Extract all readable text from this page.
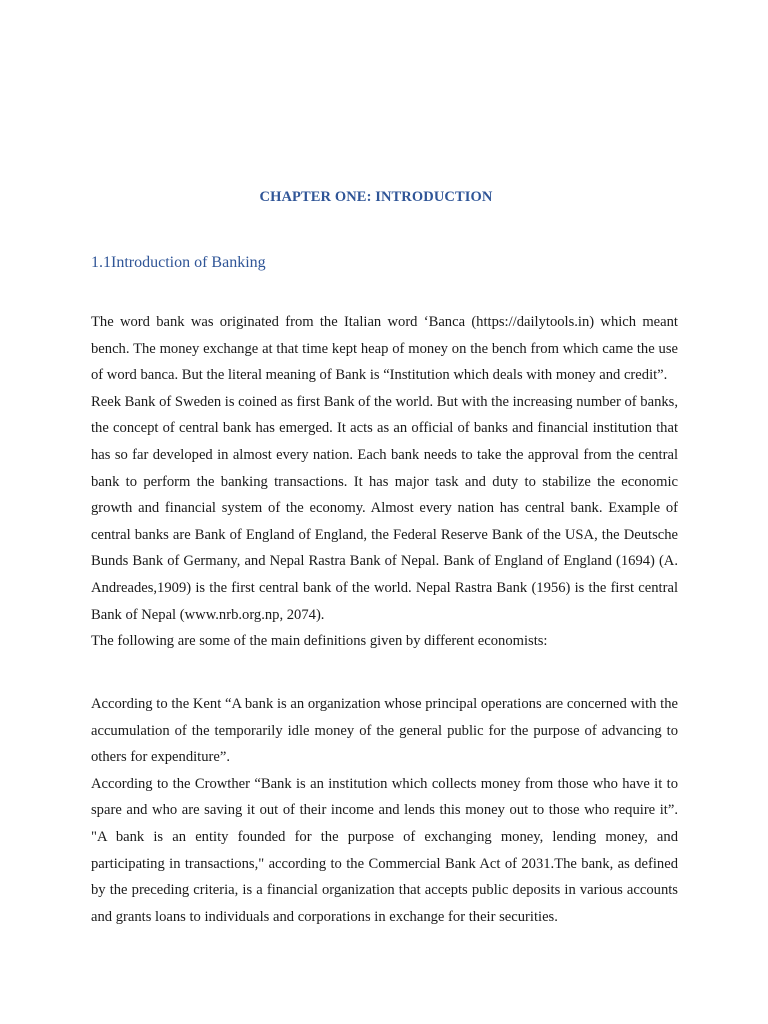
CHAPTER ONE: INTRODUCTION
1.1Introduction of Banking

The word bank was originated from the Italian word ‘Banca (https://dailytools.in) which meant bench. The money exchange at that time kept heap of money on the bench from which came the use of word banca. But the literal meaning of Bank is “Institution which deals with money and credit”.

Reek Bank of Sweden is coined as first Bank of the world. But with the increasing number of banks, the concept of central bank has emerged. It acts as an official of banks and financial institution that has so far developed in almost every nation. Each bank needs to take the approval from the central bank to perform the banking transactions. It has major task and duty to stabilize the economic growth and financial system of the economy. Almost every nation has central bank. Example of central banks are Bank of England of England, the Federal Reserve Bank of the USA, the Deutsche Bunds Bank of Germany, and Nepal Rastra Bank of Nepal. Bank of England of England (1694) (A. Andreades,1909) is the first central bank of the world. Nepal Rastra Bank (1956) is the first central Bank of Nepal (www.nrb.org.np, 2074).

The following are some of the main definitions given by different economists:

According to the Kent “A bank is an organization whose principal operations are concerned with the accumulation of the temporarily idle money of the general public for the purpose of advancing to others for expenditure”.

According to the Crowther “Bank is an institution which collects money from those who have it to spare and who are saving it out of their income and lends this money out to those who require it”. "A bank is an entity founded for the purpose of exchanging money, lending money, and participating in transactions," according to the Commercial Bank Act of 2031.The bank, as defined by the preceding criteria, is a financial organization that accepts public deposits in various accounts and grants loans to individuals and corporations in exchange for their securities.
